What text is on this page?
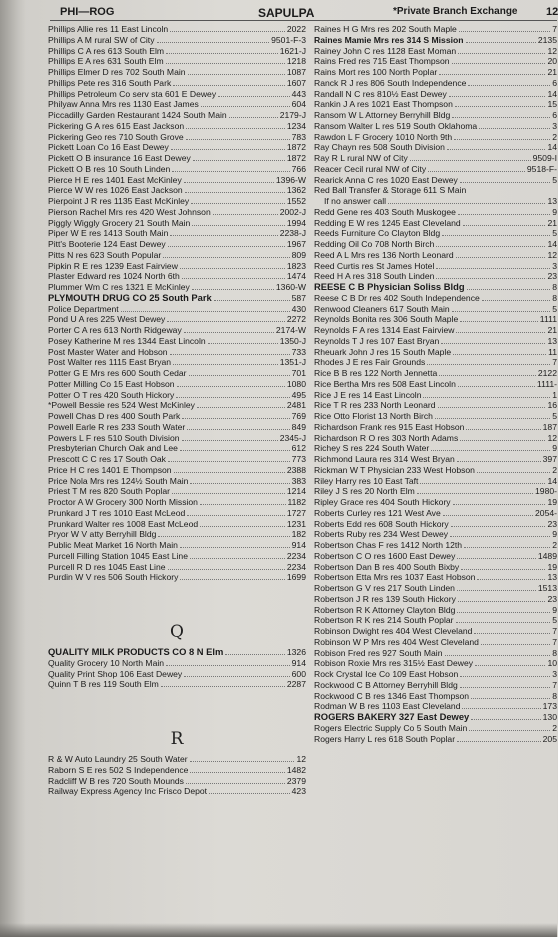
PHI—ROG	SAPULPA	*Private Branch Exchange	12
Phillips Allie res 11 East Lincoln	2022
Phillips A M rural SW of City	9501-F-3
Phillips C A res 613 South Elm	1621-J
Phillips E A res 631 South Elm	1218
Phillips Elmer D res 702 South Main	1087
Phillips Pete res 316 South Park	1607
Phillips Petroleum Co serv sta 601 E Dewey	443
Philyaw Anna Mrs res 1130 East James	604
Piccadilly Garden Restaurant 1424 South Main	2179-J
Pickering G A res 615 East Jackson	1234
Pickering Geo res 710 South Grove	783
Pickett Loan Co 16 East Dewey	1872
Pickett O B insurance 16 East Dewey	1872
Pickett O B res 10 South Linden	766
Pierce H E res 1401 East McKinley	1396-W
Pierce W W res 1026 East Jackson	1362
Pierpoint J R res 1135 East McKinley	1552
Pierson Rachel Mrs res 420 West Johnson	2002-J
Piggly Wiggly Grocery 21 South Main	1994
Piper W E res 1413 South Main	2238-J
Pitt's Booterie 124 East Dewey	1967
Pitts N res 623 South Popular	809
Pipkin R E res 1239 East Fairview	1823
Plaster Edward res 1024 North 6th	1474
Plummer Wm C res 1321 E McKinley	1360-W
PLYMOUTH DRUG CO 25 South Park	587
Police Department	430
Pond U A res 225 West Dewey	2272
Porter C A res 613 North Ridgeway	2174-W
Posey Katherine M res 1344 East Lincoln	1350-J
Post Master Water and Hobson	733
Post Walter res 1115 East Bryan	1351-J
Potter G E Mrs res 600 South Cedar	701
Potter Milling Co 15 East Hobson	1080
Potter O T res 420 South Hickory	495
*Powell Bessie res 524 West McKinley	2481
Powell Chas D res 400 South Park	769
Powell Earle R res 233 South Water	849
Powers L F res 510 South Division	2345-J
Presbyterian Church Oak and Lee	612
Prescott C C res 17 South Oak	773
Price H C res 1401 E Thompson	2388
Price Nola Mrs res 124½ South Main	383
Priest T M res 820 South Poplar	1214
Proctor A W Grocery 300 North Mission	1182
Prunkard J T res 1010 East McLeod	1727
Prunkard Walter res 1008 East McLeod	1231
Pryor W V atty Berryhill Bldg	182
Public Meat Market 16 North Main	914
Purcell Filling Station 1045 East Line	2234
Purcell R D res 1045 East Line	2234
Purdin W V res 506 South Hickory	1699
Q
QUALITY MILK PRODUCTS CO 8 N Elm	1326
Quality Grocery 10 North Main	914
Quality Print Shop 106 East Dewey	600
Quinn T B res 119 South Elm	2287
R
R & W Auto Laundry 25 South Water	12
Raborn S E res 502 S Independence	1482
Radcliff W B res 720 South Mounds	2379
Railway Express Agency Inc Frisco Depot	423
Raines H G Mrs res 202 South Maple	7
Raines Mamie Mrs res 314 S Mission	2135
Rainey John C res 1128 East Moman	12
Rains Fred res 715 East Thompson	20
Rains Mort res 100 North Poplar	21
Ranck R J res 806 South Independence	6
Randall N C res 810½ East Dewey	14
Rankin J A res 1021 East Thompson	15
Ransom W L Attorney Berryhill Bldg	6
Ransom Walter L res 519 South Oklahoma	3
Rawdon L F Grocery 1010 North 9th	2
Ray Chayn res 508 South Division	14
Ray R L rural NW of City	9509-I
Reacer Cecil rural NW of City	9518-F-
Rearick Anna C res 1020 East Dewey	5
Red Ball Transfer & Storage 611 S Main
If no answer call	13
Redd Gene res 403 South Muskogee	9
Redding E W res 1245 East Cleveland	21
Reeds Furniture Co Clayton Bldg	5
Redding Oil Co 708 North Birch	14
Reed A L Mrs res 136 North Leonard	12
Reed Curtis res St James Hotel	3
Reed H A res 318 South Linden	23
REESE C B Physician Soliss Bldg	8
Reese C B Dr res 402 South Independence	8
Renwood Cleaners 617 South Main	5
Reynolds Bonita res 306 South Maple	1111
Reynolds F A res 1314 East Fairview	21
Reynolds T J res 107 East Bryan	13
Rheuark John J res 15 South Maple	11
Rhodes J E res Fair Grounds	7
Rice B B res 122 North Jennetta	2122
Rice Bertha Mrs res 508 East Lincoln	1111-
Rice J E res 14 East Lincoln	1
Rice T R res 233 North Leonard	16
Rice Otto Florist 13 North Birch	5
Richardson Frank res 915 East Hobson	187
Richardson R O res 303 North Adams	12
Richey S res 224 South Water	9
Richmond Laura res 314 West Bryan	397
Rickman W T Physician 233 West Hobson	2
Riley Harry res 10 East Taft	14
Riley J S res 20 North Elm	1980-
Ripley Grace res 404 South Hickory	19
Roberts Curley res 121 West Ave	2054-
Roberts Edd res 608 South Hickory	23
Roberts Ruby res 234 West Dewey	9
Robertson Chas F res 1412 North 12th	2
Robertson C O res 1600 East Dewey	1489
Robertson Dan B res 400 South Bixby	19
Robertson Etta Mrs res 1037 East Hobson	13
Robertson G V res 217 South Linden	1513
Robertson J R res 139 South Hickory	23
Robertson R K Attorney Clayton Bldg	9
Robertson R K res 214 South Poplar	5
Robinson Dwight res 404 West Cleveland	7
Robinson W P Mrs res 404 West Cleveland	7
Robison Fred res 927 South Main	8
Robison Roxie Mrs res 315½ East Dewey	10
Rock Crystal Ice Co 109 East Hobson	3
Rockwood C B Attorney Berryhill Bldg	7
Rockwood C B res 1346 East Thompson	8
Rodman W B res 1103 East Cleveland	173
ROGERS BAKERY 327 East Dewey	130
Rogers Electric Supply Co 5 South Main	2
Rogers Harry L res 618 South Poplar	205
